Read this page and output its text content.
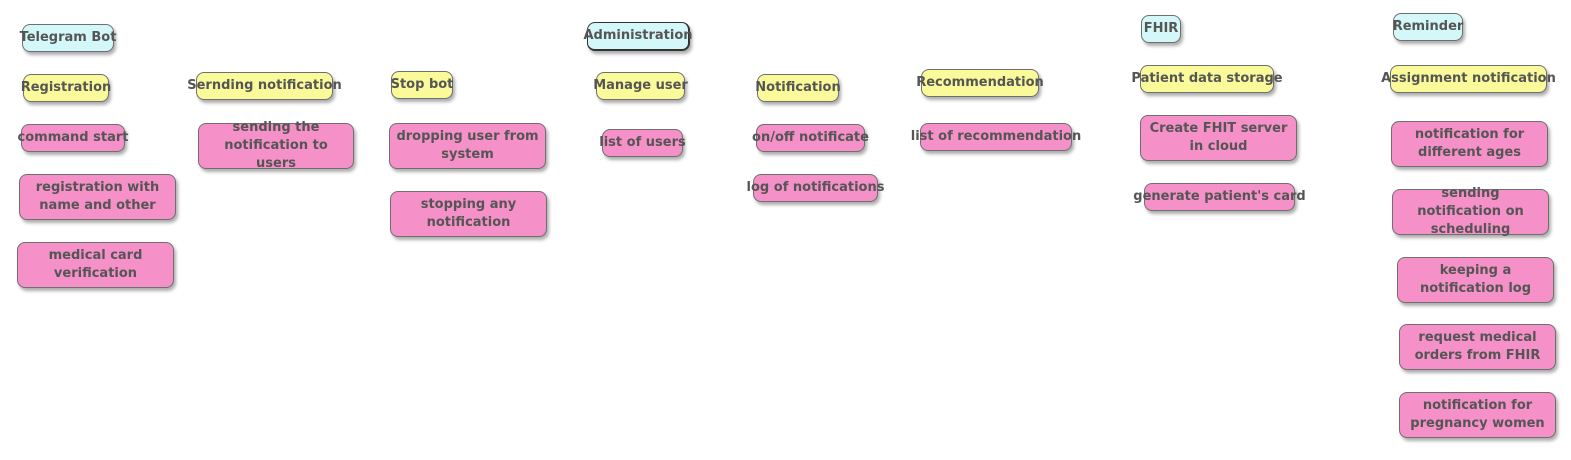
Telegram Bot
Registration
command start
registration with name and other
medical card verification
Sernding notification
sending the notification to users
Stop bot
dropping user from system
stopping any notification
Administration
Manage user
list of users
Notification
on/off notificate
log of notifications
Recommendation
list of recommendation
FHIR
Patient data storage
Create FHIT server in cloud
generate patient's card
Reminder
Assignment notification
notification for different ages
sending notification on scheduling
keeping a notification log
request medical orders from FHIR
notification for pregnancy women
